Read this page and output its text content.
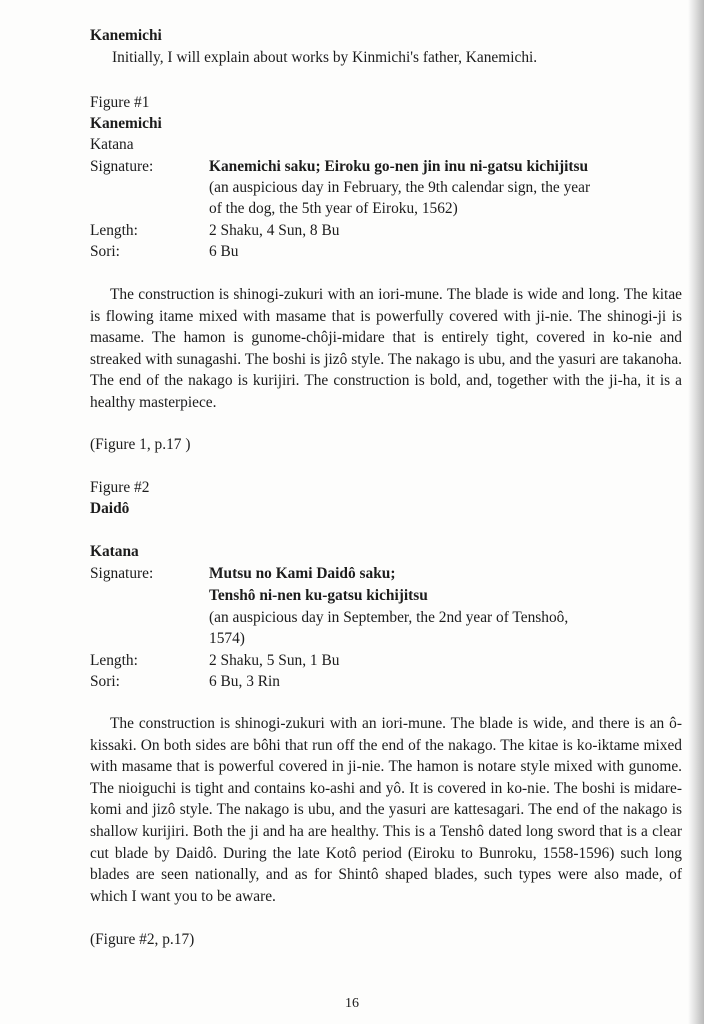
Kanemichi
Initially, I will explain about works by Kinmichi's father, Kanemichi.
Figure #1
Kanemichi
Katana
Signature:	Kanemichi saku; Eiroku go-nen jin inu ni-gatsu kichijitsu
(an auspicious day in February, the 9th calendar sign, the year
of the dog, the 5th year of Eiroku, 1562)
Length:	2 Shaku, 4 Sun, 8 Bu
Sori:	6 Bu

The construction is shinogi-zukuri with an iori-mune. The blade is wide and long. The kitae is flowing itame mixed with masame that is powerfully covered with ji-nie. The shinogi-ji is masame. The hamon is gunome-chôji-midare that is entirely tight, covered in ko-nie and streaked with sunagashi. The boshi is jizô style. The nakago is ubu, and the yasuri are takanoha. The end of the nakago is kurijiri. The construction is bold, and, together with the ji-ha, it is a healthy masterpiece.

(Figure 1, p.17 )
Figure #2
Daidô
Katana
Signature:	Mutsu no Kami Daidô saku;
Tenshô ni-nen ku-gatsu kichijitsu
(an auspicious day in September, the 2nd year of Tenshoô,
1574)
Length:	2 Shaku, 5 Sun, 1 Bu
Sori:	6 Bu, 3 Rin

The construction is shinogi-zukuri with an iori-mune. The blade is wide, and there is an ô-kissaki. On both sides are bôhi that run off the end of the nakago. The kitae is ko-iktame mixed with masame that is powerful covered in ji-nie. The hamon is notare style mixed with gunome. The nioiguchi is tight and contains ko-ashi and yô. It is covered in ko-nie. The boshi is midare-komi and jizô style. The nakago is ubu, and the yasuri are kattesagari. The end of the nakago is shallow kurijiri. Both the ji and ha are healthy. This is a Tenshô dated long sword that is a clear cut blade by Daidô. During the late Kotô period (Eiroku to Bunroku, 1558-1596) such long blades are seen nationally, and as for Shintô shaped blades, such types were also made, of which I want you to be aware.

(Figure #2, p.17)
16
